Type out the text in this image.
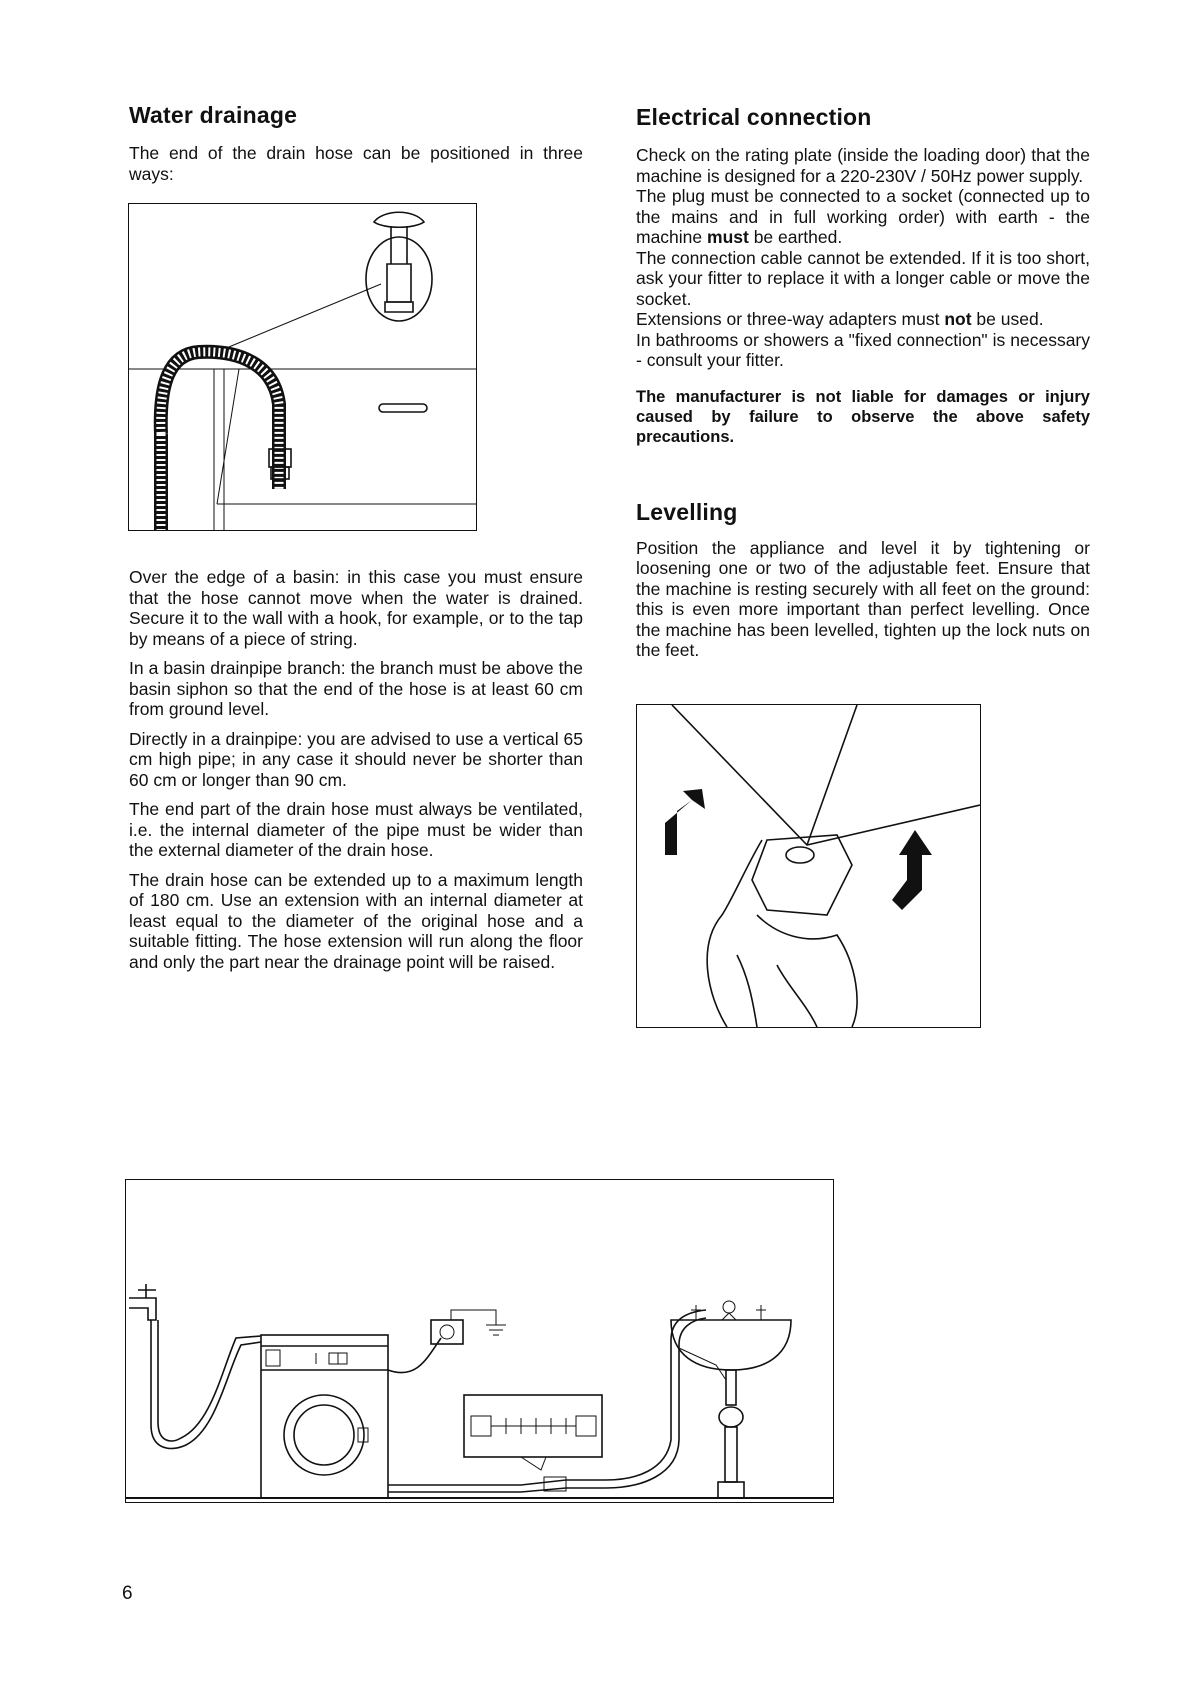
Water drainage

The end of the drain hose can be positioned in three ways:

Over the edge of a basin: in this case you must ensure that the hose cannot move when the water is drained. Secure it to the wall with a hook, for example, or to the tap by means of a piece of string.

In a basin drainpipe branch: the branch must be above the basin siphon so that the end of the hose is at least 60 cm from ground level.

Directly in a drainpipe: you are advised to use a vertical 65 cm high pipe; in any case it should never be shorter than 60 cm or longer than 90 cm.

The end part of the drain hose must always be ventilated, i.e. the internal diameter of the pipe must be wider than the external diameter of the drain hose.

The drain hose can be extended up to a maximum length of 180 cm. Use an extension with an internal diameter at least equal to the diameter of the original hose and a suitable fitting. The hose extension will run along the floor and only the part near the drainage point will be raised.

Electrical connection

Check on the rating plate (inside the loading door) that the machine is designed for a 220-230V / 50Hz power supply.

The plug must be connected to a socket (connected up to the mains and in full working order) with earth - the machine must be earthed.

The connection cable cannot be extended. If it is too short, ask your fitter to replace it with a longer cable or move the socket.

Extensions or three-way adapters must not be used.

In bathrooms or showers a "fixed connection" is necessary - consult your fitter.

The manufacturer is not liable for damages or injury caused by failure to observe the above safety precautions.

Levelling

Position the appliance and level it by tightening or loosening one or two of the adjustable feet. Ensure that the machine is resting securely with all feet on the ground: this is even more important than perfect levelling. Once the machine has been levelled, tighten up the lock nuts on the feet.

6
